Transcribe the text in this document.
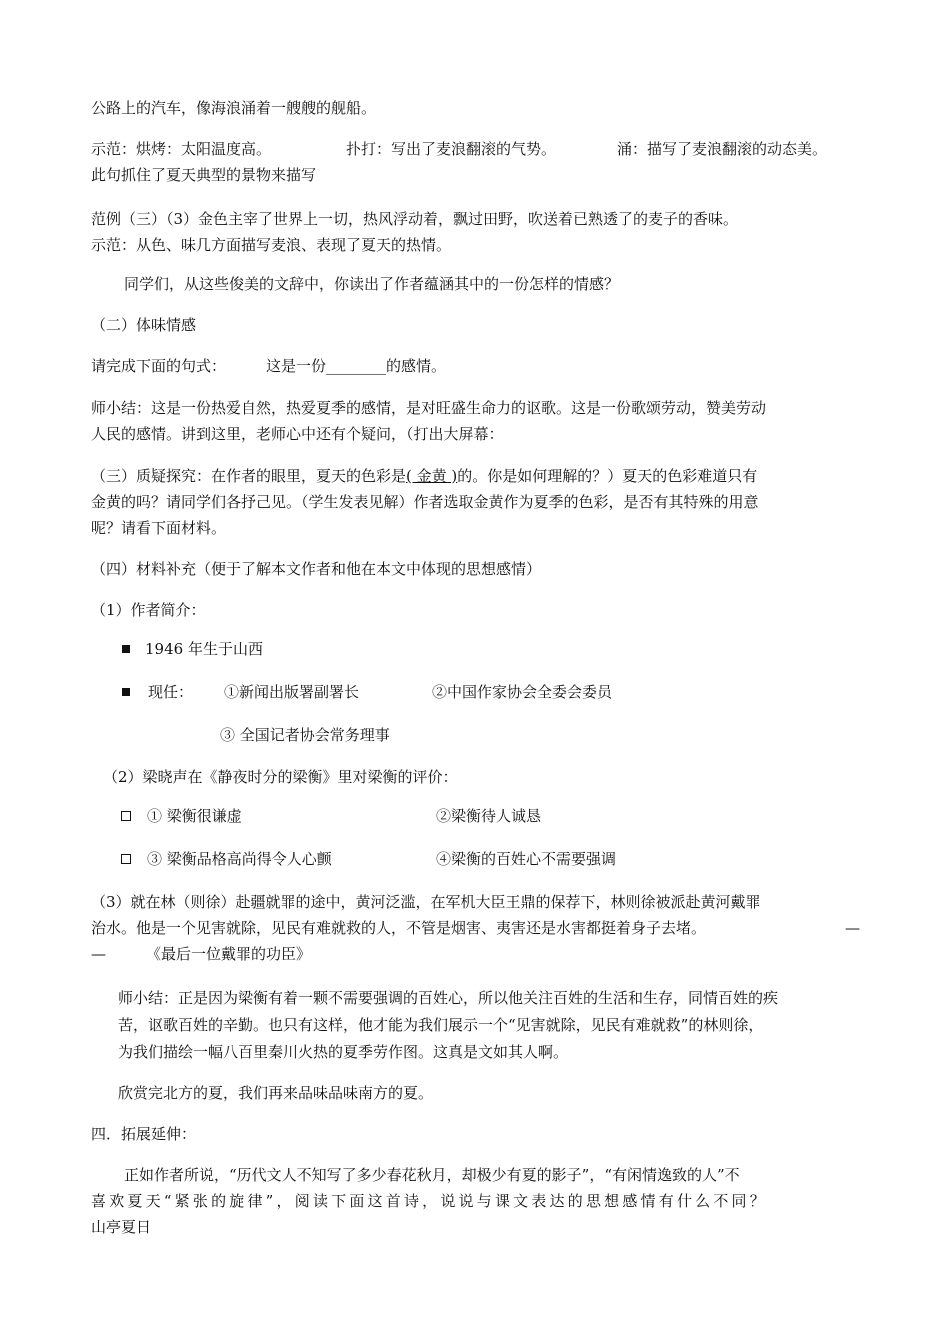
公路上的汽车，像海浪涌着一艘艘的舰船。
示范：烘烤：太阳温度高。	扑打：写出了麦浪翻滚的气势。	涌：描写了麦浪翻滚的动态美。
此句抓住了夏天典型的景物来描写
范例（三）（3）金色主宰了世界上一切，热风浮动着，飘过田野，吹送着已熟透了的麦子的香味。
示范：从色、味几方面描写麦浪、表现了夏天的热情。
同学们，从这些俊美的文辞中，你读出了作者蕴涵其中的一份怎样的情感？
（二）体味情感
请完成下面的句式：	这是一份________的感情。
师小结：这是一份热爱自然，热爱夏季的感情，是对旺盛生命力的讴歌。这是一份歌颂劳动，赞美劳动
人民的感情。讲到这里，老师心中还有个疑问，（打出大屏幕：
（三）质疑探究：在作者的眼里，夏天的色彩是( 金黄 )的。你是如何理解的？）夏天的色彩难道只有
金黄的吗？请同学们各抒己见。（学生发表见解）作者选取金黄作为夏季的色彩，是否有其特殊的用意
呢？请看下面材料。
（四）材料补充（便于了解本文作者和他在本文中体现的思想感情）
（1）作者简介：
1946 年生于山西
现任： ①新闻出版署副署长	②中国作家协会全委会委员
③ 全国记者协会常务理事
（2）梁晓声在《静夜时分的梁衡》里对梁衡的评价：
① 梁衡很谦虚	②梁衡待人诚恳
③ 梁衡品格高尚得令人心颤	④梁衡的百姓心不需要强调
（3）就在林（则徐）赴疆就罪的途中，黄河泛滥，在军机大臣王鼎的保荐下，林则徐被派赴黄河戴罪
治水。他是一个见害就除，见民有难就救的人，不管是烟害、夷害还是水害都挺着身子去堵。	—
—	《最后一位戴罪的功臣》
师小结：正是因为梁衡有着一颗不需要强调的百姓心，所以他关注百姓的生活和生存，同情百姓的疾
苦，讴歌百姓的辛勤。也只有这样，他才能为我们展示一个“见害就除，见民有难就救”的林则徐，
为我们描绘一幅八百里秦川火热的夏季劳作图。这真是文如其人啊。
欣赏完北方的夏，我们再来品味品味南方的夏。
四．拓展延伸：
正如作者所说，“历代文人不知写了多少春花秋月，却极少有夏的影子”，“有闲情逸致的人”不
喜欢夏天“紧张的旋律”，阅读下面这首诗，说说与课文表达的思想感情有什么不同？
山亭夏日
